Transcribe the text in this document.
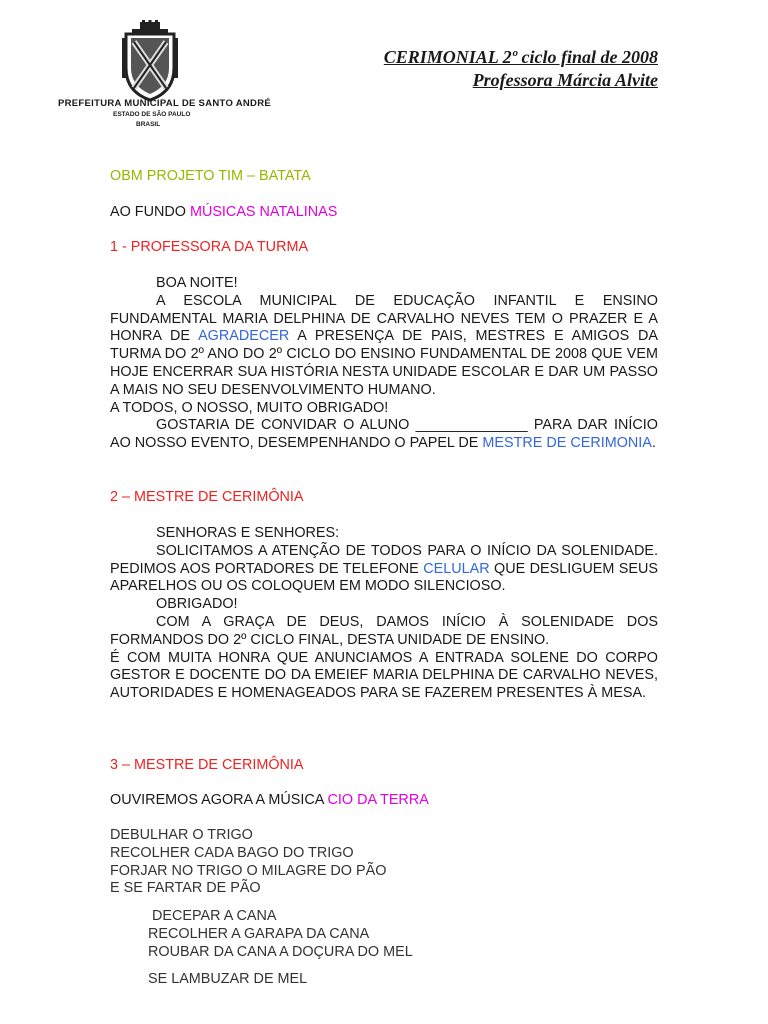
PREFEITURA MUNICIPAL DE SANTO ANDRÉ
ESTADO DE SÃO PAULO
BRASIL
CERIMONIAL 2º ciclo final de 2008
Professora Márcia Alvite
OBM PROJETO TIM – BATATA
AO FUNDO MÚSICAS NATALINAS
1 - PROFESSORA DA TURMA
BOA NOITE!
A ESCOLA MUNICIPAL DE EDUCAÇÃO INFANTIL E ENSINO FUNDAMENTAL MARIA DELPHINA DE CARVALHO NEVES TEM O PRAZER E A HONRA DE AGRADECER A PRESENÇA DE PAIS, MESTRES E AMIGOS DA TURMA DO 2º ANO DO 2º CICLO DO ENSINO FUNDAMENTAL DE 2008 QUE VEM HOJE ENCERRAR SUA HISTÓRIA NESTA UNIDADE ESCOLAR E DAR UM PASSO A MAIS NO SEU DESENVOLVIMENTO HUMANO.
A TODOS, O NOSSO, MUITO OBRIGADO!
GOSTARIA DE CONVIDAR O ALUNO ______________ PARA DAR INÍCIO AO NOSSO EVENTO, DESEMPENHANDO O PAPEL DE MESTRE DE CERIMONIA.
2 – MESTRE DE CERIMÔNIA
SENHORAS E SENHORES:
SOLICITAMOS A ATENÇÃO DE TODOS PARA O INÍCIO DA SOLENIDADE. PEDIMOS AOS PORTADORES DE TELEFONE CELULAR QUE DESLIGUEM SEUS APARELHOS OU OS COLOQUEM EM MODO SILENCIOSO.
OBRIGADO!
COM A GRAÇA DE DEUS, DAMOS INÍCIO À SOLENIDADE DOS FORMANDOS DO 2º CICLO FINAL, DESTA UNIDADE DE ENSINO.
É COM MUITA HONRA QUE ANUNCIAMOS A ENTRADA SOLENE DO CORPO GESTOR E DOCENTE DO DA EMEIEF MARIA DELPHINA DE CARVALHO NEVES, AUTORIDADES E HOMENAGEADOS PARA SE FAZEREM PRESENTES À MESA.
3 – MESTRE DE CERIMÔNIA
OUVIREMOS AGORA A MÚSICA CIO DA TERRA
DEBULHAR O TRIGO
RECOLHER CADA BAGO DO TRIGO
FORJAR NO TRIGO O MILAGRE DO PÃO
E SE FARTAR DE PÃO
DECEPAR A CANA
RECOLHER A GARAPA DA CANA
ROUBAR DA CANA A DOÇURA DO MEL
SE LAMBUZAR DE MEL
